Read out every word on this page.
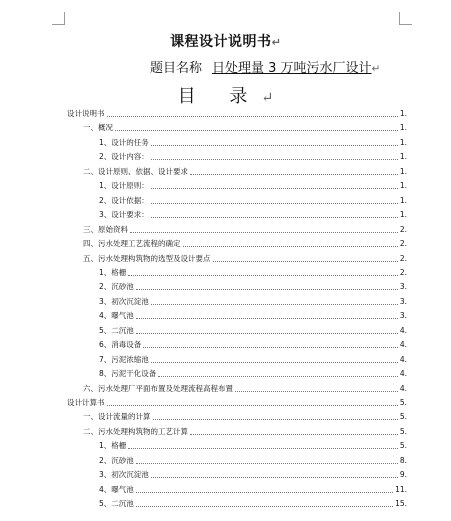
课程设计说明书↵
题目名称 日处理量 3 万吨污水厂设计↵
目 录↵
设计说明书	1.
一、概况	1.
1、设计的任务	1.
2、设计内容：	1.
二、设计原则、依据、设计要求	1.
1、设计原则：	1.
2、设计依据：	1.
3、设计要求：	1.
三、原始资料	2.
四、污水处理工艺流程的确定	2.
五、污水处理构筑物的选型及设计要点	2.
1、格栅	2.
2、沉砂池	3.
3、初次沉淀池	3.
4、曝气池	3.
5、二沉池	4.
6、消毒设备	4.
7、污泥浓缩池	4.
8、污泥干化设备	4.
六、污水处理厂平面布置及处理流程高程布置	4.
设计计算书	5.
一、设计流量的计算	5.
二、污水处理构筑物的工艺计算	5.
1、格栅	5.
2、沉砂池	8.
3、初次沉淀池	9.
4、曝气池	11.
5、二沉池	15.
